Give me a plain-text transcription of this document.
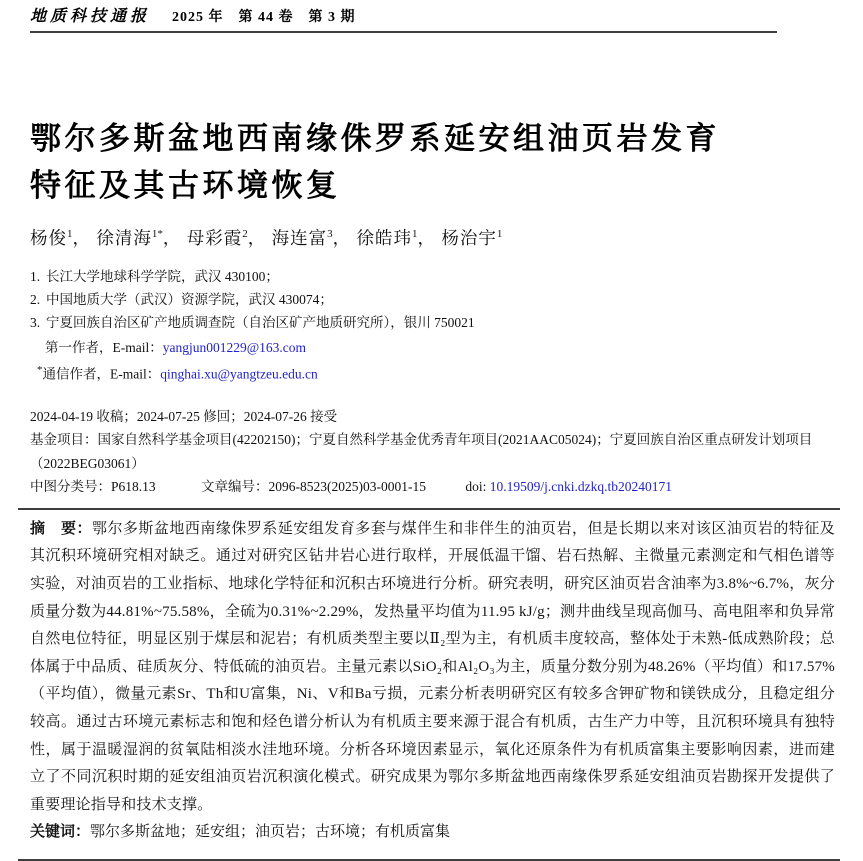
地质科技通报 2025 年　第 44 卷　第 3 期
鄂尔多斯盆地西南缘侏罗系延安组油页岩发育
特征及其古环境恢复
杨俊$^1$， 徐清海$^{1*}$， 母彩霞$^2$， 海连富$^3$， 徐皓玮$^1$， 杨治宇$^1$
1. 长江大学地球科学学院，武汉 430100；
2. 中国地质大学（武汉）资源学院，武汉 430074；
3. 宁夏回族自治区矿产地质调查院（自治区矿产地质研究所），银川 750021
第一作者，E-mail：yangjun001229@163.com
*通信作者，E-mail：qinghai.xu@yangtzeu.edu.cn
2024-04-19 收稿；2024-07-25 修回；2024-07-26 接受
基金项目：国家自然科学基金项目(42202150)；宁夏自然科学基金优秀青年项目(2021AAC05024)；宁夏回族自治区重点研发计划项目（2022BEG03061）
中图分类号：P618.13	文章编号：2096-8523(2025)03-0001-15	doi: 10.19509/j.cnki.dzkq.tb20240171

摘　要：鄂尔多斯盆地西南缘侏罗系延安组发育多套与煤伴生和非伴生的油页岩，但是长期以来对该区油页岩的特征及其沉积环境研究相对缺乏。通过对研究区钻井岩心进行取样，开展低温干馏、岩石热解、主微量元素测定和气相色谱等实验，对油页岩的工业指标、地球化学特征和沉积古环境进行分析。研究表明，研究区油页岩含油率为3.8%~6.7%，灰分质量分数为44.81%~75.58%，全硫为0.31%~2.29%，发热量平均值为11.95 kJ/g；测井曲线呈现高伽马、高电阻率和负异常自然电位特征，明显区别于煤层和泥岩；有机质类型主要以Ⅱ₂型为主，有机质丰度较高，整体处于未熟-低成熟阶段；总体属于中品质、硅质灰分、特低硫的油页岩。主量元素以SiO₂和Al₂O₃为主，质量分数分别为48.26%（平均值）和17.57%（平均值），微量元素Sr、Th和U富集，Ni、V和Ba亏损，元素分析表明研究区有较多含钾矿物和镁铁成分，且稳定组分较高。通过古环境元素标志和饱和烃色谱分析认为有机质主要来源于混合有机质，古生产力中等，且沉积环境具有独特性，属于温暖湿润的贫氧陆相淡水洼地环境。分析各环境因素显示，氧化还原条件为有机质富集主要影响因素，进而建立了不同沉积时期的延安组油页岩沉积演化模式。研究成果为鄂尔多斯盆地西南缘侏罗系延安组油页岩勘探开发提供了重要理论指导和技术支撑。

关键词：鄂尔多斯盆地；延安组；油页岩；古环境；有机质富集
